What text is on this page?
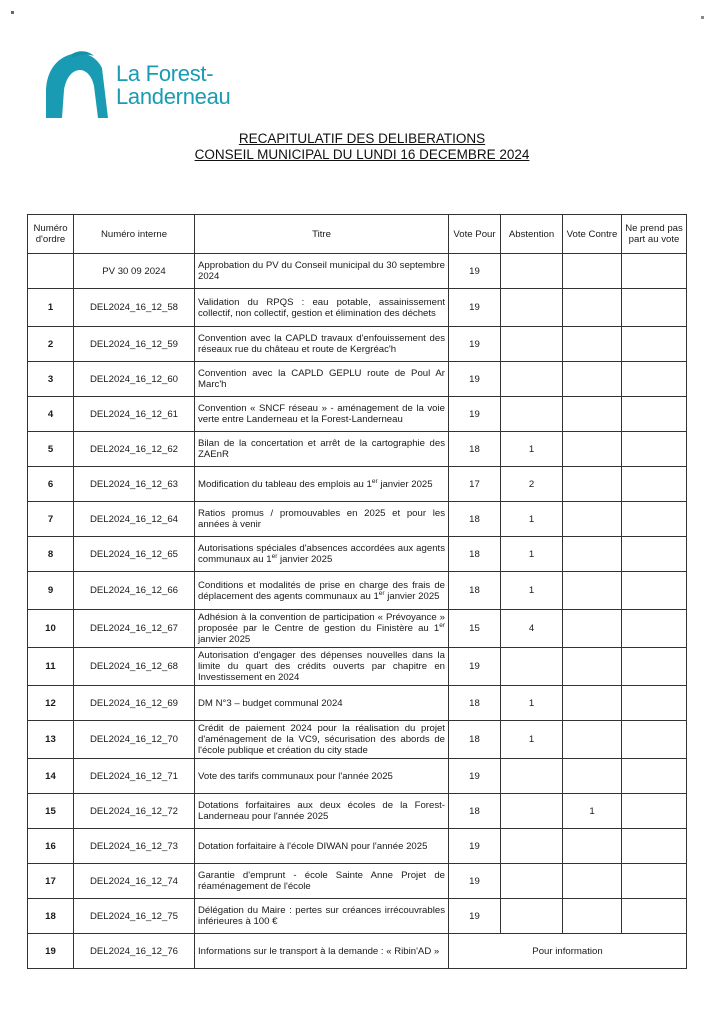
La Forest-
Landerneau
RECAPITULATIF DES DELIBERATIONS
CONSEIL MUNICIPAL DU LUNDI 16 DECEMBRE 2024
Numéro d'ordre	Numéro interne	Titre	Vote Pour	Abstention	Vote Contre	Ne prend pas part au vote
	PV 30 09 2024	Approbation du PV du Conseil municipal du 30 septembre 2024	19			
1	DEL2024_16_12_58	Validation du RPQS : eau potable, assainissement collectif, non collectif, gestion et élimination des déchets	19			
2	DEL2024_16_12_59	Convention avec la CAPLD travaux d'enfouissement des réseaux rue du château et route de Kergréac'h	19			
3	DEL2024_16_12_60	Convention avec la CAPLD GEPLU route de Poul Ar Marc'h	19			
4	DEL2024_16_12_61	Convention « SNCF réseau » - aménagement de la voie verte entre Landerneau et la Forest-Landerneau	19			
5	DEL2024_16_12_62	Bilan de la concertation et arrêt de la cartographie des ZAEnR	18	1		
6	DEL2024_16_12_63	Modification du tableau des emplois au 1er janvier 2025	17	2		
7	DEL2024_16_12_64	Ratios promus / promouvables en 2025 et pour les années à venir	18	1		
8	DEL2024_16_12_65	Autorisations spéciales d'absences accordées aux agents communaux au 1er janvier 2025	18	1		
9	DEL2024_16_12_66	Conditions et modalités de prise en charge des frais de déplacement des agents communaux au 1er janvier 2025	18	1		
10	DEL2024_16_12_67	Adhésion à la convention de participation « Prévoyance » proposée par le Centre de gestion du Finistère au 1er janvier 2025	15	4		
11	DEL2024_16_12_68	Autorisation d'engager des dépenses nouvelles dans la limite du quart des crédits ouverts par chapitre en Investissement en 2024	19			
12	DEL2024_16_12_69	DM N°3 – budget communal 2024	18	1		
13	DEL2024_16_12_70	Crédit de paiement 2024 pour la réalisation du projet d'aménagement de la VC9, sécurisation des abords de l'école publique et création du city stade	18	1		
14	DEL2024_16_12_71	Vote des tarifs communaux pour l'année 2025	19			
15	DEL2024_16_12_72	Dotations forfaitaires aux deux écoles de la Forest-Landerneau pour l'année 2025	18		1	
16	DEL2024_16_12_73	Dotation forfaitaire à l'école DIWAN pour l'année 2025	19			
17	DEL2024_16_12_74	Garantie d'emprunt - école Sainte Anne Projet de réaménagement de l'école	19			
18	DEL2024_16_12_75	Délégation du Maire : pertes sur créances irrécouvrables inférieures à 100 €	19			
19	DEL2024_16_12_76	Informations sur le transport à la demande : « Ribin'AD »	Pour information			
